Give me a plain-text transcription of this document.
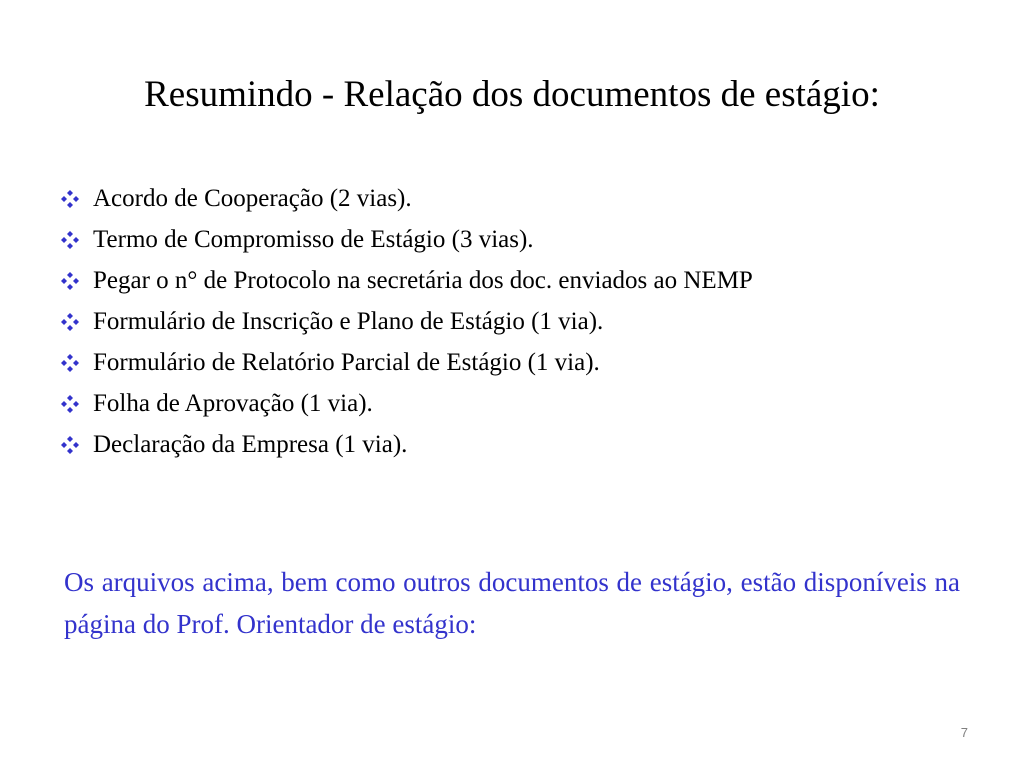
Resumindo - Relação dos documentos de estágio:
Acordo de Cooperação (2 vias).
Termo de Compromisso de Estágio (3 vias).
Pegar o n° de Protocolo na secretária dos doc. enviados ao NEMP
Formulário de Inscrição e Plano de Estágio (1 via).
Formulário de Relatório Parcial de Estágio (1 via).
Folha de Aprovação (1 via).
Declaração da Empresa (1 via).

Os arquivos acima, bem como outros documentos de estágio, estão disponíveis na página do Prof. Orientador de estágio:

7
